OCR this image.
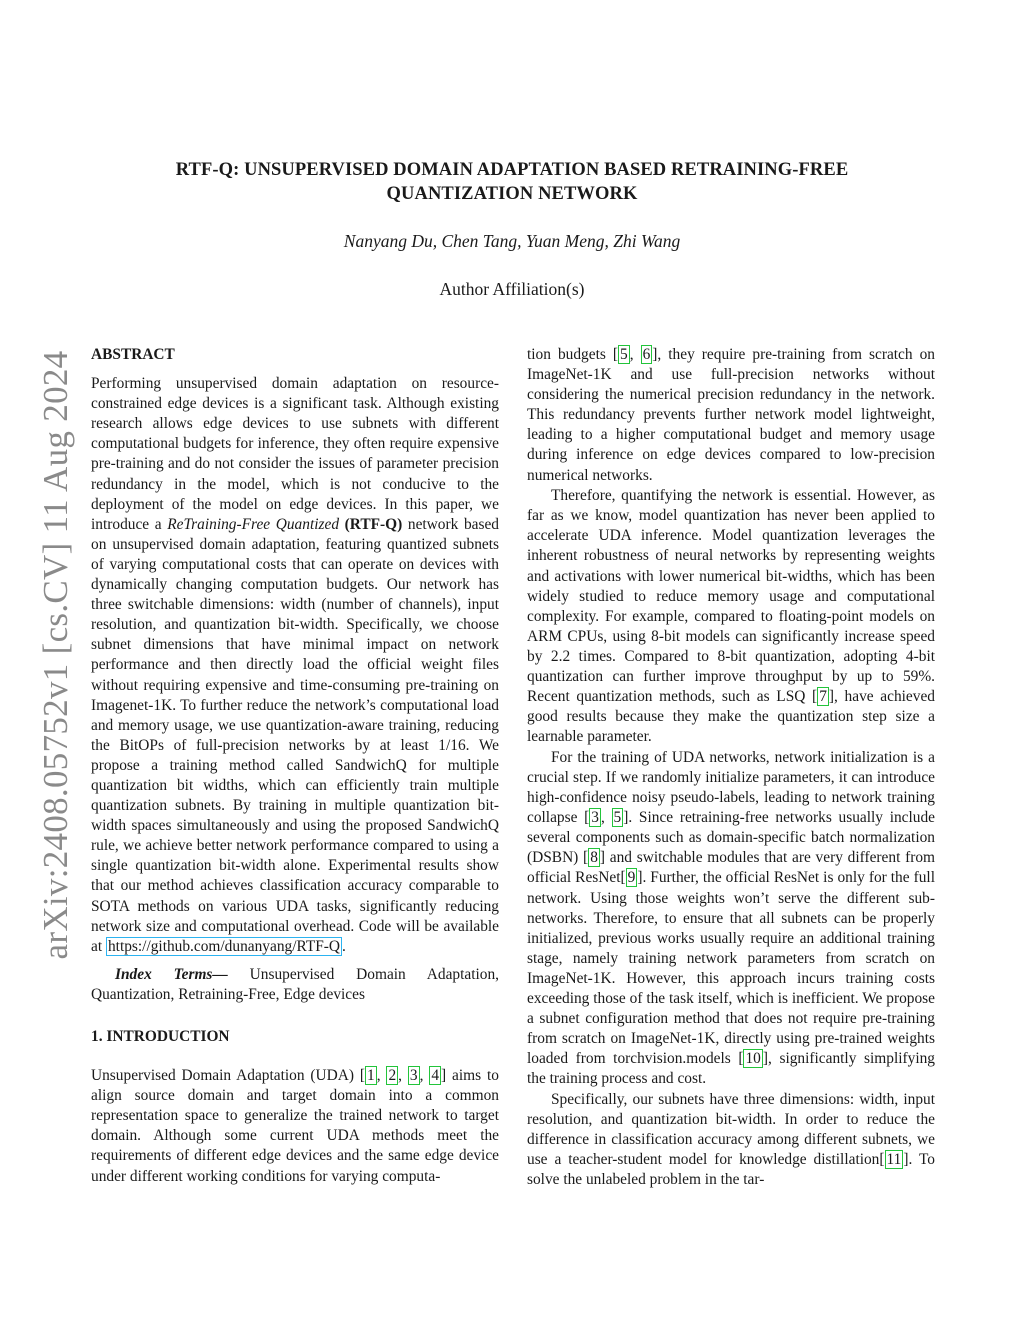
RTF-Q: UNSUPERVISED DOMAIN ADAPTATION BASED RETRAINING-FREE QUANTIZATION NETWORK
Nanyang Du, Chen Tang, Yuan Meng, Zhi Wang
Author Affiliation(s)
arXiv:2408.05752v1 [cs.CV] 11 Aug 2024 ABSTRACT

Performing unsupervised domain adaptation on resource-constrained edge devices is a significant task. Although existing research allows edge devices to use subnets with different computational budgets for inference, they often require expensive pre-training and do not consider the issues of parameter precision redundancy in the model, which is not conducive to the deployment of the model on edge devices. In this paper, we introduce a ReTraining-Free Quantized (RTF-Q) network based on unsupervised domain adaptation, featuring quantized subnets of varying computational costs that can operate on devices with dynamically changing computation budgets. Our network has three switchable dimensions: width (number of channels), input resolution, and quantization bit-width. Specifically, we choose subnet dimensions that have minimal impact on network performance and then directly load the official weight files without requiring expensive and time-consuming pre-training on Imagenet-1K. To further reduce the network’s computational load and memory usage, we use quantization-aware training, reducing the BitOPs of full-precision networks by at least 1/16. We propose a training method called SandwichQ for multiple quantization bit widths, which can efficiently train multiple quantization subnets. By training in multiple quantization bit-width spaces simultaneously and using the proposed SandwichQ rule, we achieve better network performance compared to using a single quantization bit-width alone. Experimental results show that our method achieves classification accuracy comparable to SOTA methods on various UDA tasks, significantly reducing network size and computational overhead. Code will be available at https://github.com/dunanyang/RTF-Q .

Index Terms— Unsupervised Domain Adaptation, Quantization, Retraining-Free, Edge devices

1. INTRODUCTION

Unsupervised Domain Adaptation (UDA) [ 1 , 2 , 3 , 4 ] aims to align source domain and target domain into a common representation space to generalize the trained network to target domain. Although some current UDA methods meet the requirements of different edge devices and the same edge device under different working conditions for varying computa-

tion budgets [ 5 , 6 ], they require pre-training from scratch on ImageNet-1K and use full-precision networks without considering the numerical precision redundancy in the network. This redundancy prevents further network model lightweight, leading to a higher computational budget and memory usage during inference on edge devices compared to low-precision numerical networks.

Therefore, quantifying the network is essential. However, as far as we know, model quantization has never been applied to accelerate UDA inference. Model quantization leverages the inherent robustness of neural networks by representing weights and activations with lower numerical bit-widths, which has been widely studied to reduce memory usage and computational complexity. For example, compared to floating-point models on ARM CPUs, using 8-bit models can significantly increase speed by 2.2 times. Compared to 8-bit quantization, adopting 4-bit quantization can further improve throughput by up to 59%. Recent quantization methods, such as LSQ [ 7 ], have achieved good results because they make the quantization step size a learnable parameter.

For the training of UDA networks, network initialization is a crucial step. If we randomly initialize parameters, it can introduce high-confidence noisy pseudo-labels, leading to network training collapse [ 3 , 5 ]. Since retraining-free networks usually include several components such as domain-specific batch normalization (DSBN) [ 8 ] and switchable modules that are very different from official ResNet[ 9 ]. Further, the official ResNet is only for the full network. Using those weights won’t serve the different sub-networks. Therefore, to ensure that all subnets can be properly initialized, previous works usually require an additional training stage, namely training network parameters from scratch on ImageNet-1K. However, this approach incurs training costs exceeding those of the task itself, which is inefficient. We propose a subnet configuration method that does not require pre-training from scratch on ImageNet-1K, directly using pre-trained weights loaded from torchvision.models [ 10 ], significantly simplifying the training process and cost.

Specifically, our subnets have three dimensions: width, input resolution, and quantization bit-width. In order to reduce the difference in classification accuracy among different subnets, we use a teacher-student model for knowledge distillation[ 11 ]. To solve the unlabeled problem in the tar-
